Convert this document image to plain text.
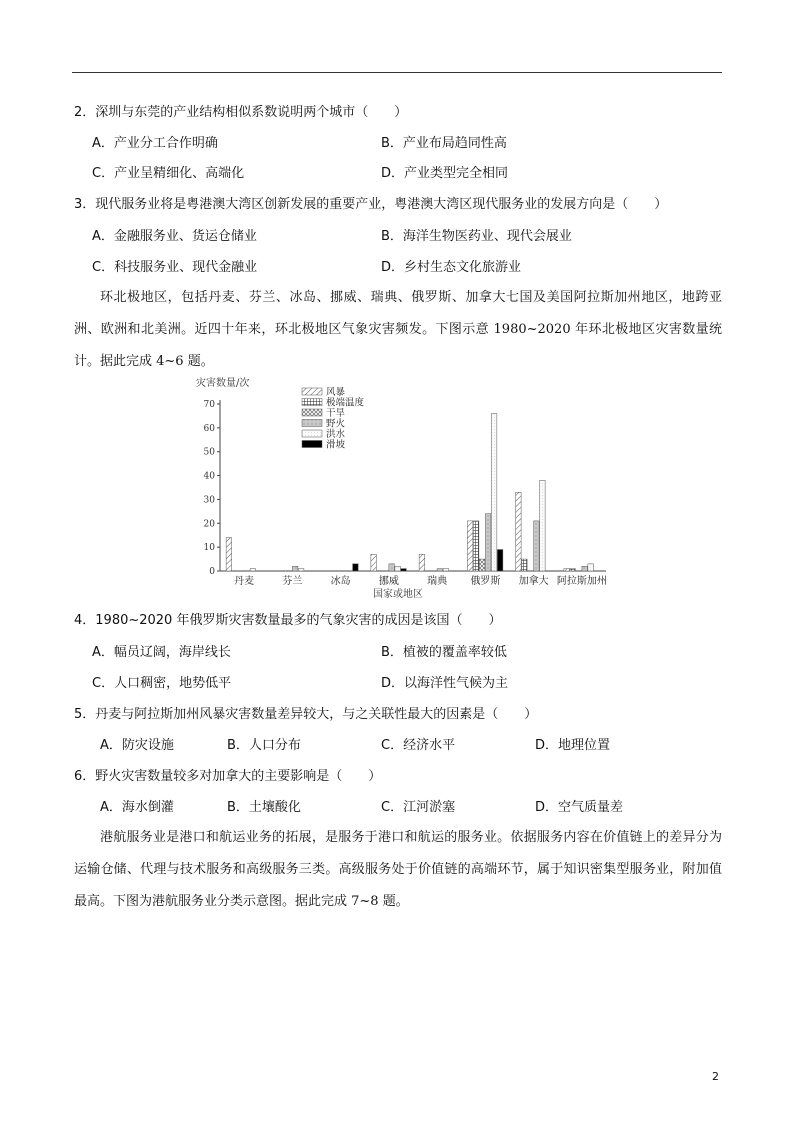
2．深圳与东莞的产业结构相似系数说明两个城市（　　）
A．产业分工合作明确	B．产业布局趋同性高
C．产业呈精细化、高端化	D．产业类型完全相同
3．现代服务业将是粤港澳大湾区创新发展的重要产业，粤港澳大湾区现代服务业的发展方向是（　　）
A．金融服务业、货运仓储业	B．海洋生物医药业、现代会展业
C．科技服务业、现代金融业	D．乡村生态文化旅游业
环北极地区，包括丹麦、芬兰、冰岛、挪威、瑞典、俄罗斯、加拿大七国及美国阿拉斯加州地区，地跨亚洲、欧洲和北美洲。近四十年来，环北极地区气象灾害频发。下图示意 1980~2020 年环北极地区灾害数量统计。据此完成 4~6 题。
0
10
20
30
40
50
60
70
丹麦	芬兰	冰岛	挪威	瑞典 俄罗斯 加拿大 阿拉斯加州
风暴
极端温度
干旱
野火
洪水
滑坡
灾害数量/次
国家或地区
4．1980~2020 年俄罗斯灾害数量最多的气象灾害的成因是该国（　　）
A．幅员辽阔，海岸线长	B．植被的覆盖率较低
C．人口稠密，地势低平	D．以海洋性气候为主
5．丹麦与阿拉斯加州风暴灾害数量差异较大，与之关联性最大的因素是（　　）
A．防灾设施	B．人口分布	C．经济水平	D．地理位置
6．野火灾害数量较多对加拿大的主要影响是（　　）
A．海水倒灌	B．土壤酸化	C．江河淤塞	D．空气质量差
港航服务业是港口和航运业务的拓展，是服务于港口和航运的服务业。依据服务内容在价值链上的差异分为运输仓储、代理与技术服务和高级服务三类。高级服务处于价值链的高端环节，属于知识密集型服务业，附加值最高。下图为港航服务业分类示意图。据此完成 7~8 题。
2
